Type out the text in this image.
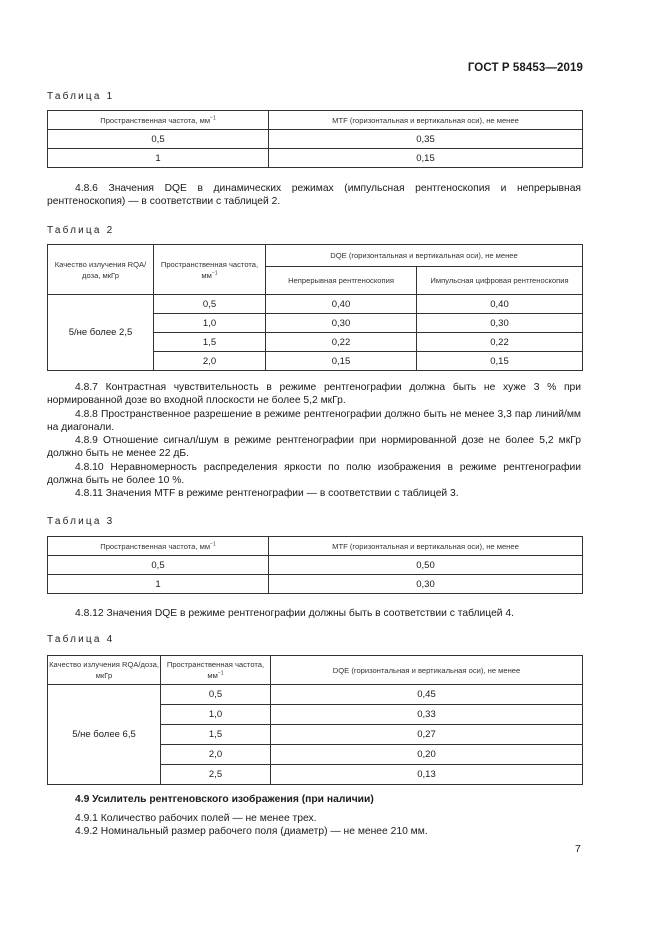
ГОСТ Р 58453—2019
Таблица 1
Пространственная частота, $мм^{-1}$	MTF (горизонтальная и вертикальная оси), не менее
0,5	0,35
1	0,15

4.8.6 Значения DQE в динамических режимах (импульсная рентгеноскопия и непрерывная рентгеноскопия) — в соответствии с таблицей 2.

Таблица 2
Качество излучения RQA/доза, мкГр	Пространственная частота, $мм^{-1}$	DQE (горизонтальная и вертикальная оси), не менее	
		Непрерывная рентгеноскопия	Импульсная цифровая рентгеноскопия
5/не более 2,5	0,5	0,40	0,40
	1,0	0,30	0,30
	1,5	0,22	0,22
	2,0	0,15	0,15

4.8.7 Контрастная чувствительность в режиме рентгенографии должна быть не хуже 3 % при нормированной дозе во входной плоскости не более 5,2 мкГр.

4.8.8 Пространственное разрешение в режиме рентгенографии должно быть не менее 3,3 пар линий/мм на диагонали.

4.8.9 Отношение сигнал/шум в режиме рентгенографии при нормированной дозе не более 5,2 мкГр должно быть не менее 22 дБ.

4.8.10 Неравномерность распределения яркости по полю изображения в режиме рентгенографии должна быть не более 10 %.

4.8.11 Значения MTF в режиме рентгенографии — в соответствии с таблицей 3.

Таблица 3
Пространственная частота, $мм^{-1}$	MTF (горизонтальная и вертикальная оси), не менее
0,5	0,50
1	0,30

4.8.12 Значения DQE в режиме рентгенографии должны быть в соответствии с таблицей 4.

Таблица 4
Качество излучения RQA/доза, мкГр	Пространственная частота, $мм^{-1}$	DQE (горизонтальная и вертикальная оси), не менее
5/не более 6,5	0,5	0,45
	1,0	0,33
	1,5	0,27
	2,0	0,20
	2,5	0,13
4.9 Усилитель рентгеновского изображения (при наличии)

4.9.1 Количество рабочих полей — не менее трех.

4.9.2 Номинальный размер рабочего поля (диаметр) — не менее 210 мм.

7
